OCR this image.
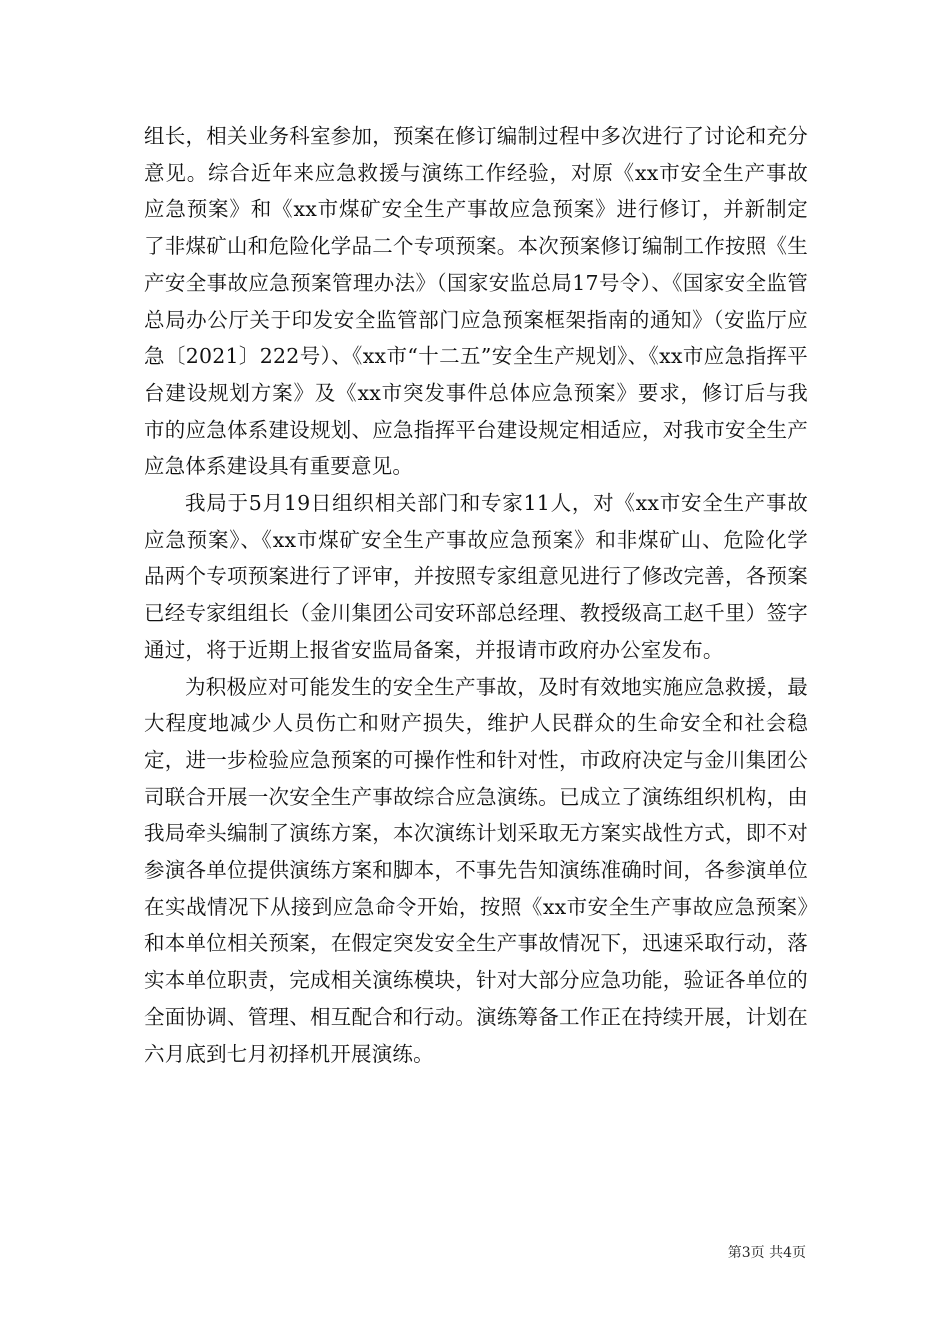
组长，相关业务科室参加，预案在修订编制过程中多次进行了讨论和充分意见。综合近年来应急救援与演练工作经验，对原《xx市安全生产事故应急预案》和《xx市煤矿安全生产事故应急预案》进行修订，并新制定了非煤矿山和危险化学品二个专项预案。本次预案修订编制工作按照《生产安全事故应急预案管理办法》（国家安监总局17号令）、《国家安全监管总局办公厅关于印发安全监管部门应急预案框架指南的通知》（安监厅应急〔2021〕222号）、《xx市“十二五”安全生产规划》、《xx市应急指挥平台建设规划方案》及《xx市突发事件总体应急预案》要求，修订后与我市的应急体系建设规划、应急指挥平台建设规定相适应，对我市安全生产应急体系建设具有重要意见。

我局于5月19日组织相关部门和专家11人，对《xx市安全生产事故应急预案》、《xx市煤矿安全生产事故应急预案》和非煤矿山、危险化学品两个专项预案进行了评审，并按照专家组意见进行了修改完善，各预案已经专家组组长（金川集团公司安环部总经理、教授级高工赵千里）签字通过，将于近期上报省安监局备案，并报请市政府办公室发布。

为积极应对可能发生的安全生产事故，及时有效地实施应急救援，最大程度地减少人员伤亡和财产损失，维护人民群众的生命安全和社会稳定，进一步检验应急预案的可操作性和针对性，市政府决定与金川集团公司联合开展一次安全生产事故综合应急演练。已成立了演练组织机构，由我局牵头编制了演练方案，本次演练计划采取无方案实战性方式，即不对参演各单位提供演练方案和脚本，不事先告知演练准确时间，各参演单位在实战情况下从接到应急命令开始，按照《xx市安全生产事故应急预案》和本单位相关预案，在假定突发安全生产事故情况下，迅速采取行动，落实本单位职责，完成相关演练模块，针对大部分应急功能，验证各单位的全面协调、管理、相互配合和行动。演练筹备工作正在持续开展，计划在六月底到七月初择机开展演练。

第3页 共4页
